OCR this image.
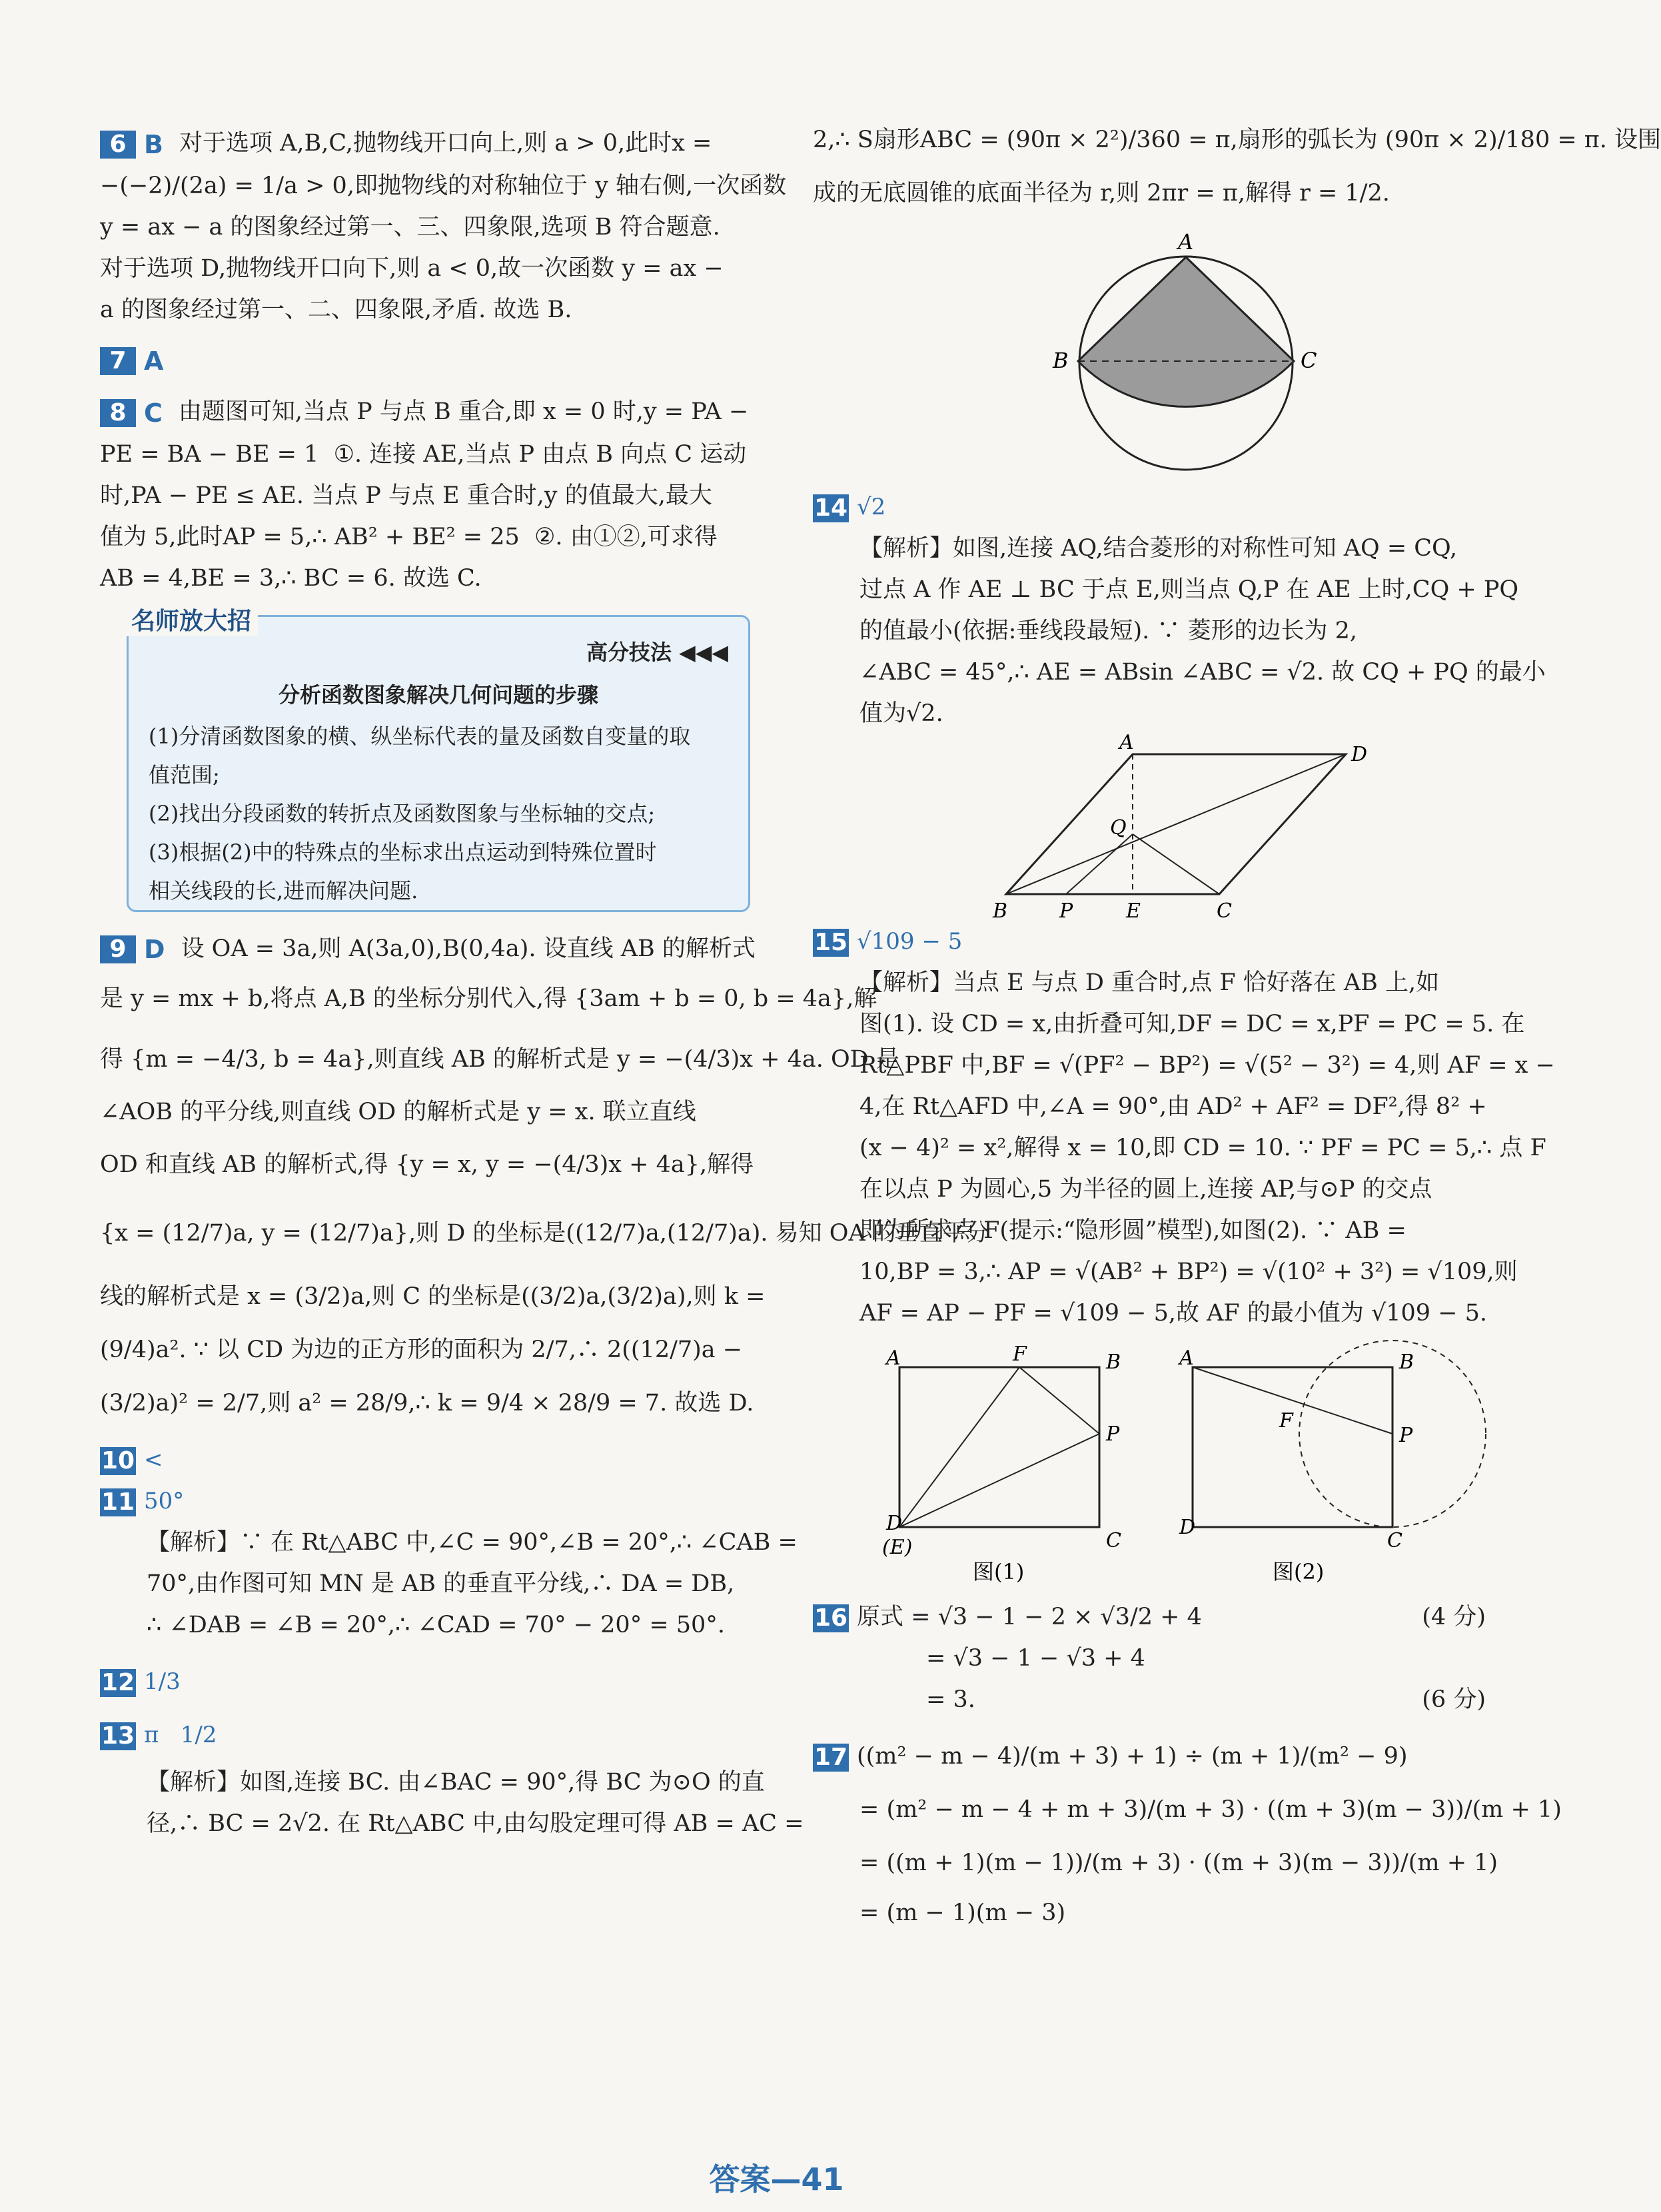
6 B 对于选项 A,B,C,抛物线开口向上,则 a > 0,此时x =

−(−2)/(2a) = 1/a > 0,即抛物线的对称轴位于 y 轴右侧,一次函数

y = ax − a 的图象经过第一、三、四象限,选项 B 符合题意.

对于选项 D,抛物线开口向下,则 a < 0,故一次函数 y = ax −

a 的图象经过第一、二、四象限,矛盾. 故选 B.

7 A

8 C 由题图可知,当点 P 与点 B 重合,即 x = 0 时,y = PA −

PE = BA − BE = 1  ①. 连接 AE,当点 P 由点 B 向点 C 运动

时,PA − PE ≤ AE. 当点 P 与点 E 重合时,y 的值最大,最大

值为 5,此时AP = 5,∴ AB² + BE² = 25  ②. 由①②,可求得

AB = 4,BE = 3,∴ BC = 6. 故选 C.

名师放大招
高分技法 ◀◀◀
分析函数图象解决几何问题的步骤
(1)分清函数图象的横、纵坐标代表的量及函数自变量的取
值范围;
(2)找出分段函数的转折点及函数图象与坐标轴的交点;
(3)根据(2)中的特殊点的坐标求出点运动到特殊位置时
相关线段的长,进而解决问题.

9 D 设 OA = 3a,则 A(3a,0),B(0,4a). 设直线 AB 的解析式

是 y = mx + b,将点 A,B 的坐标分别代入,得 {3am + b = 0, b = 4a},解

得 {m = −4/3, b = 4a},则直线 AB 的解析式是 y = −(4/3)x + 4a. OD 是

∠AOB 的平分线,则直线 OD 的解析式是 y = x. 联立直线

OD 和直线 AB 的解析式,得 {y = x, y = −(4/3)x + 4a},解得

{x = (12/7)a, y = (12/7)a},则 D 的坐标是((12/7)a,(12/7)a). 易知 OA 的垂直平分

线的解析式是 x = (3/2)a,则 C 的坐标是((3/2)a,(3/2)a),则 k =

(9/4)a². ∵ 以 CD 为边的正方形的面积为 2/7,∴ 2((12/7)a −

(3/2)a)² = 2/7,则 a² = 28/9,∴ k = 9/4 × 28/9 = 7. 故选 D.

10 <

11 50°

【解析】∵ 在 Rt△ABC 中,∠C = 90°,∠B = 20°,∴ ∠CAB =

70°,由作图可知 MN 是 AB 的垂直平分线,∴ DA = DB,

∴ ∠DAB = ∠B = 20°,∴ ∠CAD = 70° − 20° = 50°.

12 1/3

13 π   1/2

【解析】如图,连接 BC. 由∠BAC = 90°,得 BC 为⊙O 的直

径,∴ BC = 2√2. 在 Rt△ABC 中,由勾股定理可得 AB = AC =

2,∴ S扇形ABC = (90π × 2²)/360 = π,扇形的弧长为 (90π × 2)/180 = π. 设围

成的无底圆锥的底面半径为 r,则 2πr = π,解得 r = 1/2.

A
B	C

14 √2

【解析】如图,连接 AQ,结合菱形的对称性可知 AQ = CQ,

过点 A 作 AE ⊥ BC 于点 E,则当点 Q,P 在 AE 上时,CQ + PQ

的值最小(依据:垂线段最短). ∵ 菱形的边长为 2,

∠ABC = 45°,∴ AE = ABsin ∠ABC = √2. 故 CQ + PQ 的最小

值为√2.

A
D
Q
B	P	E	C

15 √109 − 5

【解析】当点 E 与点 D 重合时,点 F 恰好落在 AB 上,如

图(1). 设 CD = x,由折叠可知,DF = DC = x,PF = PC = 5. 在

Rt△PBF 中,BF = √(PF² − BP²) = √(5² − 3²) = 4,则 AF = x −

4,在 Rt△AFD 中,∠A = 90°,由 AD² + AF² = DF²,得 8² +

(x − 4)² = x²,解得 x = 10,即 CD = 10. ∵ PF = PC = 5,∴ 点 F

在以点 P 为圆心,5 为半径的圆上,连接 AP,与⊙P 的交点

即为所求点 F(提示:“隐形圆”模型),如图(2). ∵ AB =

10,BP = 3,∴ AP = √(AB² + BP²) = √(10² + 3²) = √109,则

AF = AP − PF = √109 − 5,故 AF 的最小值为 √109 − 5.

A	F	B
P
D
(E)	C
图(1)
A	B
F
P
D
C
图(2)

16 原式 = √3 − 1 − 2 × √3/2 + 4	(4 分)

= √3 − 1 − √3 + 4

= 3.	(6 分)

17 ((m² − m − 4)/(m + 3) + 1) ÷ (m + 1)/(m² − 9)

= (m² − m − 4 + m + 3)/(m + 3) · ((m + 3)(m − 3))/(m + 1)

= ((m + 1)(m − 1))/(m + 3) · ((m + 3)(m − 3))/(m + 1)

= (m − 1)(m − 3)

答案—41
